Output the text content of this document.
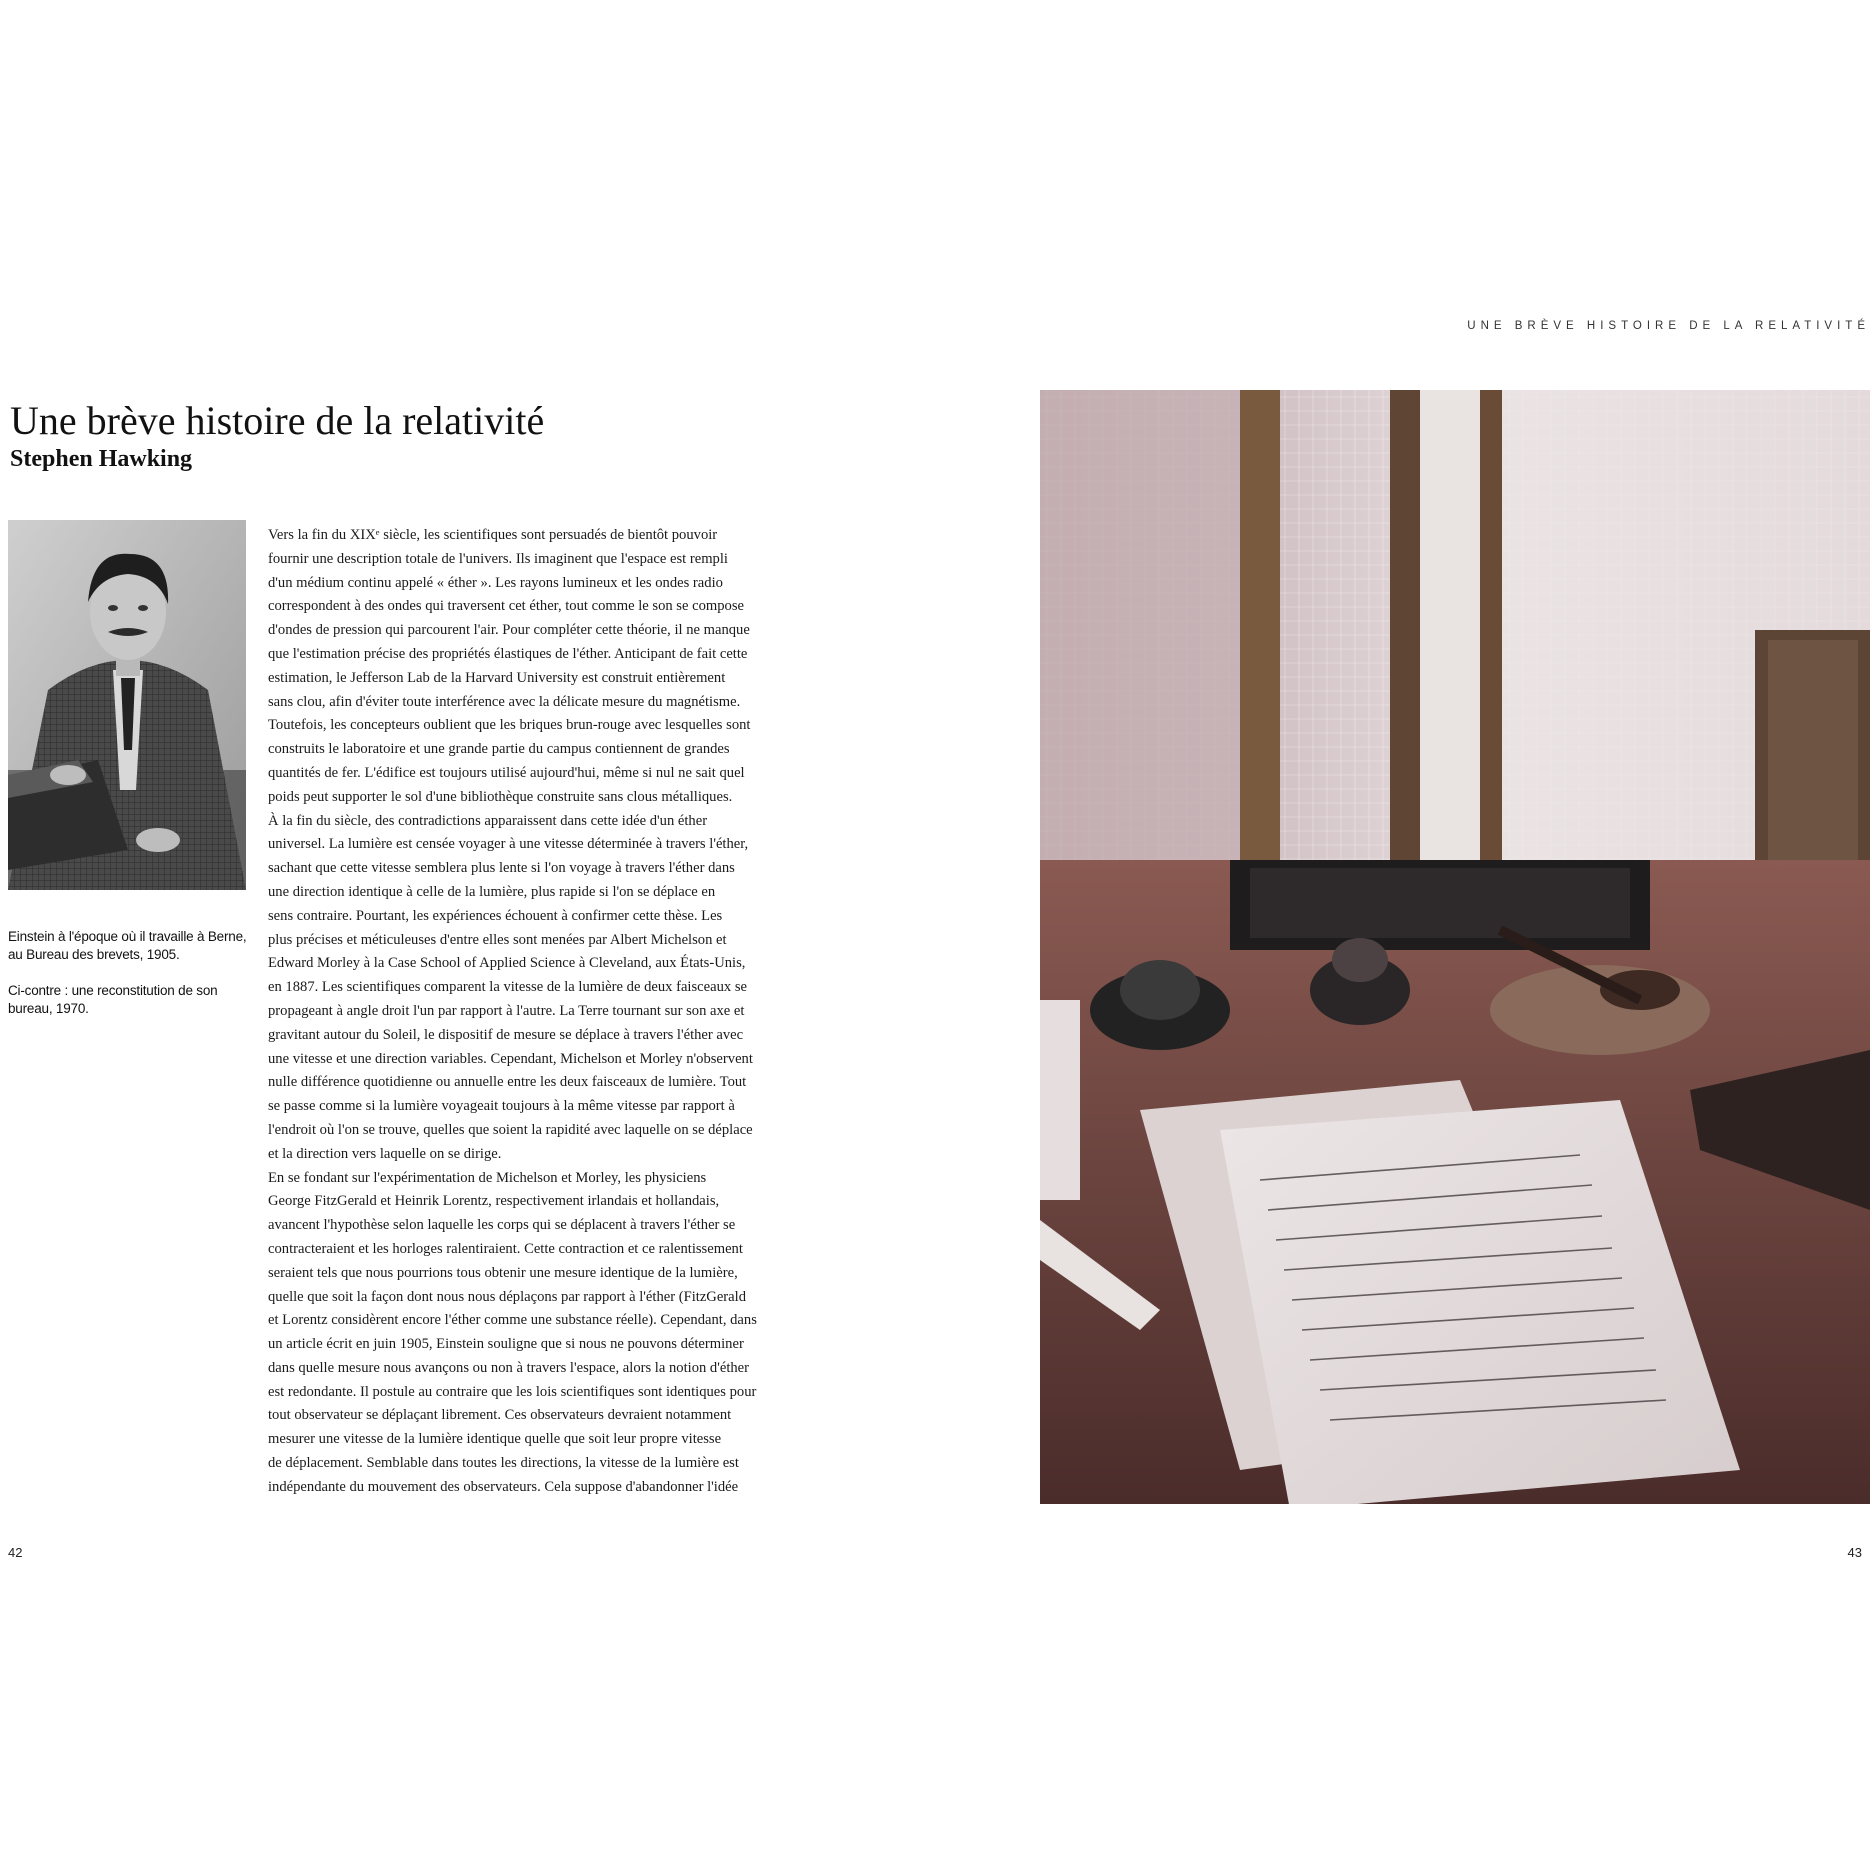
UNE BRÈVE HISTOIRE DE LA RELATIVITÉ
Une brève histoire de la relativité
Stephen Hawking
Einstein à l'époque où il travaille à Berne, au Bureau des brevets, 1905.
Ci-contre : une reconstitution de son bureau, 1970.
Vers la fin du XIXᵉ siècle, les scientifiques sont persuadés de bientôt pouvoir
fournir une description totale de l'univers. Ils imaginent que l'espace est rempli
d'un médium continu appelé « éther ». Les rayons lumineux et les ondes radio
correspondent à des ondes qui traversent cet éther, tout comme le son se compose
d'ondes de pression qui parcourent l'air. Pour compléter cette théorie, il ne manque
que l'estimation précise des propriétés élastiques de l'éther. Anticipant de fait cette
estimation, le Jefferson Lab de la Harvard University est construit entièrement
sans clou, afin d'éviter toute interférence avec la délicate mesure du magnétisme.
Toutefois, les concepteurs oublient que les briques brun-rouge avec lesquelles sont
construits le laboratoire et une grande partie du campus contiennent de grandes
quantités de fer. L'édifice est toujours utilisé aujourd'hui, même si nul ne sait quel
poids peut supporter le sol d'une bibliothèque construite sans clous métalliques.
À la fin du siècle, des contradictions apparaissent dans cette idée d'un éther
universel. La lumière est censée voyager à une vitesse déterminée à travers l'éther,
sachant que cette vitesse semblera plus lente si l'on voyage à travers l'éther dans
une direction identique à celle de la lumière, plus rapide si l'on se déplace en
sens contraire. Pourtant, les expériences échouent à confirmer cette thèse. Les
plus précises et méticuleuses d'entre elles sont menées par Albert Michelson et
Edward Morley à la Case School of Applied Science à Cleveland, aux États-Unis,
en 1887. Les scientifiques comparent la vitesse de la lumière de deux faisceaux se
propageant à angle droit l'un par rapport à l'autre. La Terre tournant sur son axe et
gravitant autour du Soleil, le dispositif de mesure se déplace à travers l'éther avec
une vitesse et une direction variables. Cependant, Michelson et Morley n'observent
nulle différence quotidienne ou annuelle entre les deux faisceaux de lumière. Tout
se passe comme si la lumière voyageait toujours à la même vitesse par rapport à
l'endroit où l'on se trouve, quelles que soient la rapidité avec laquelle on se déplace
et la direction vers laquelle on se dirige.
En se fondant sur l'expérimentation de Michelson et Morley, les physiciens
George FitzGerald et Heinrik Lorentz, respectivement irlandais et hollandais,
avancent l'hypothèse selon laquelle les corps qui se déplacent à travers l'éther se
contracteraient et les horloges ralentiraient. Cette contraction et ce ralentissement
seraient tels que nous pourrions tous obtenir une mesure identique de la lumière,
quelle que soit la façon dont nous nous déplaçons par rapport à l'éther (FitzGerald
et Lorentz considèrent encore l'éther comme une substance réelle). Cependant, dans
un article écrit en juin 1905, Einstein souligne que si nous ne pouvons déterminer
dans quelle mesure nous avançons ou non à travers l'espace, alors la notion d'éther
est redondante. Il postule au contraire que les lois scientifiques sont identiques pour
tout observateur se déplaçant librement. Ces observateurs devraient notamment
mesurer une vitesse de la lumière identique quelle que soit leur propre vitesse
de déplacement. Semblable dans toutes les directions, la vitesse de la lumière est
indépendante du mouvement des observateurs. Cela suppose d'abandonner l'idée
42	43
